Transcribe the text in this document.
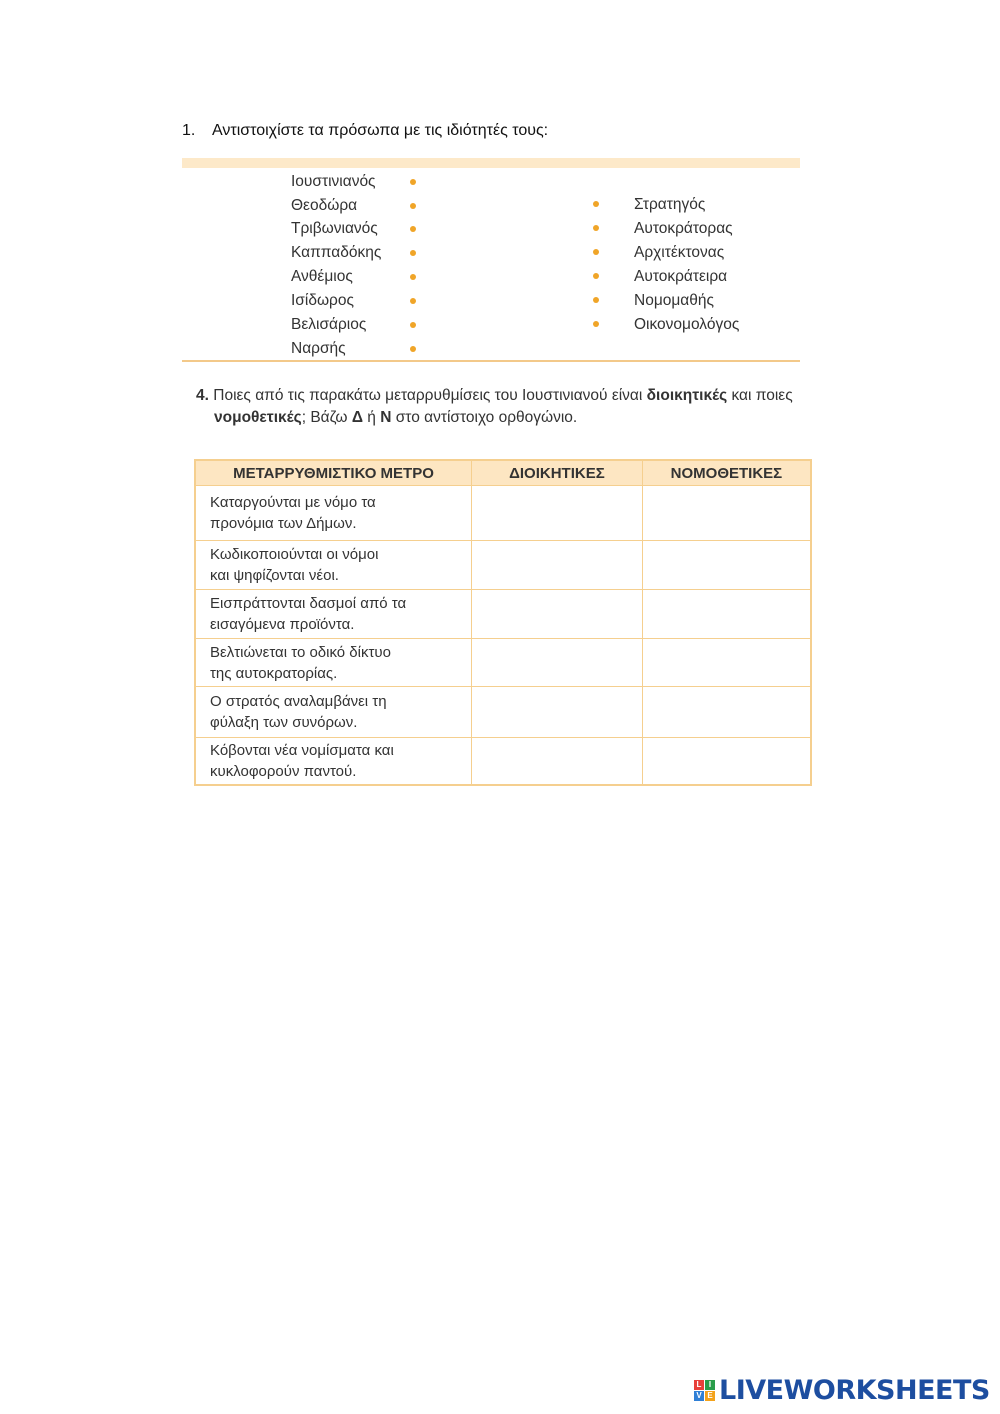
1. Αντιστοιχίστε τα πρόσωπα με τις ιδιότητές τους:
Ιουστινιανός
Θεοδώρα
Τριβωνιανός
Καππαδόκης
Ανθέμιος
Ισίδωρος
Βελισάριος
Ναρσής
Στρατηγός
Αυτοκράτορας
Αρχιτέκτονας
Αυτοκράτειρα
Νομομαθής
Οικονομολόγος
4. Ποιες από τις παρακάτω μεταρρυθμίσεις του Ιουστινιανού είναι διοικητικές και ποιες
νομοθετικές; Βάζω Δ ή Ν στο αντίστοιχο ορθογώνιο.
ΜΕΤΑΡΡΥΘΜΙΣΤΙΚΟ ΜΕΤΡΟ	ΔΙΟΙΚΗΤΙΚΕΣ	ΝΟΜΟΘΕΤΙΚΕΣ

Καταργούνται με νόμο τα
προνόμια των Δήμων.		

Κωδικοποιούνται οι νόμοι
και ψηφίζονται νέοι.		

Εισπράττονται δασμοί από τα
εισαγόμενα προϊόντα.		

Βελτιώνεται το οδικό δίκτυο
της αυτοκρατορίας.		

Ο στρατός αναλαμβάνει τη
φύλαξη των συνόρων.		

Κόβονται νέα νομίσματα και
κυκλοφορούν παντού.		

L I
V E LIVEWORKSHEETS
